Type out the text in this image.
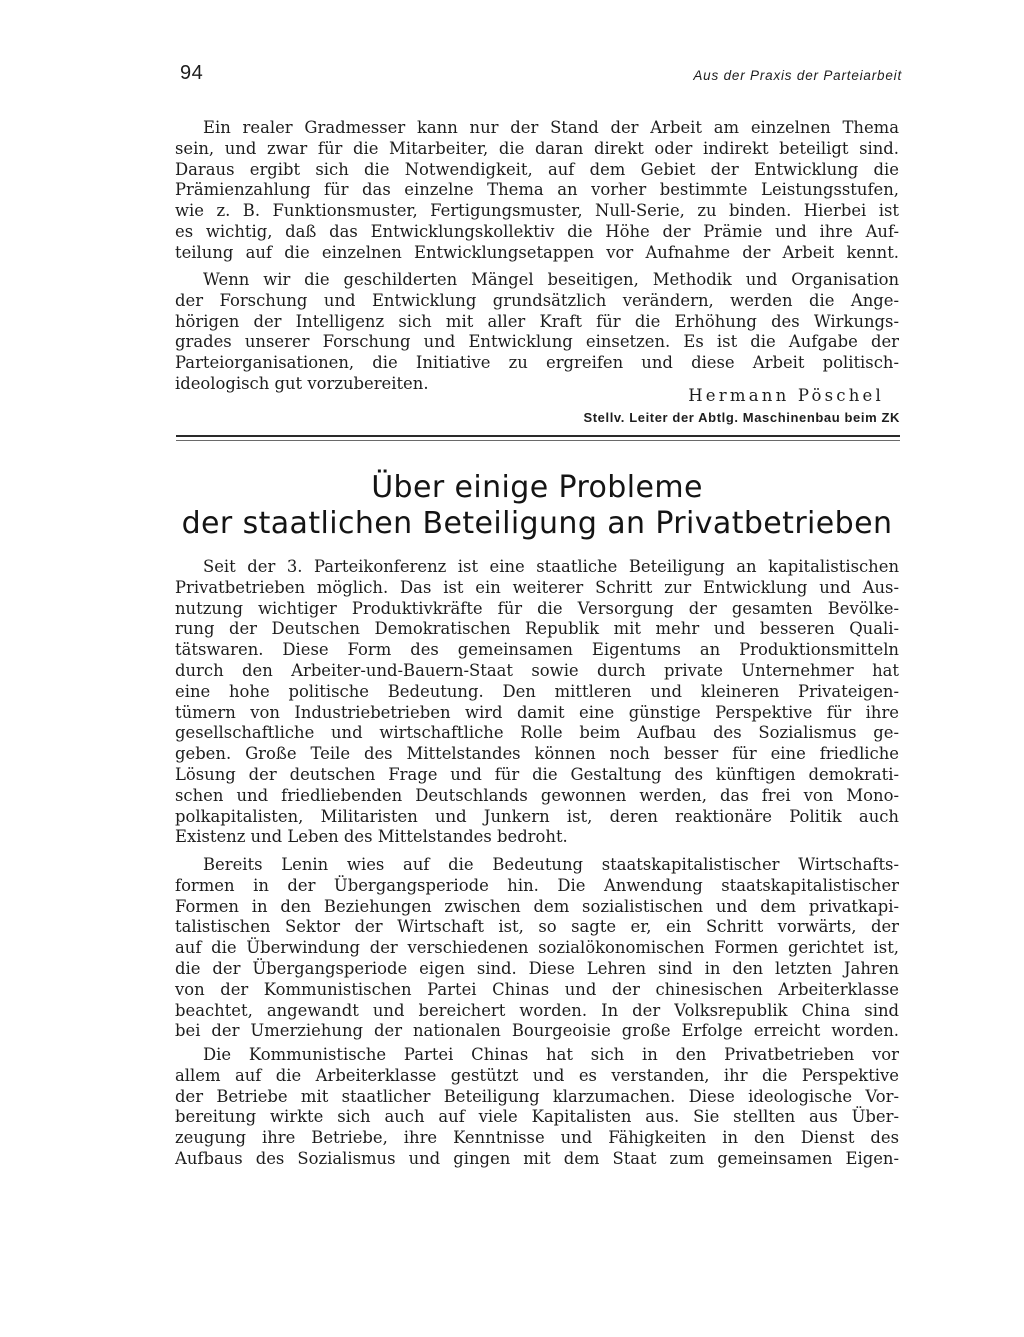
94	Aus der Praxis der Parteiarbeit
Ein realer Gradmesser kann nur der Stand der Arbeit am einzelnen Thema
sein, und zwar für die Mitarbeiter, die daran direkt oder indirekt beteiligt sind.
Daraus ergibt sich die Notwendigkeit, auf dem Gebiet der Entwicklung die
Prämienzahlung für das einzelne Thema an vorher bestimmte Leistungsstufen,
wie z. B. Funktionsmuster, Fertigungsmuster, Null-Serie, zu binden. Hierbei ist
es wichtig, daß das Entwicklungskollektiv die Höhe der Prämie und ihre Auf-
teilung auf die einzelnen Entwicklungsetappen vor Aufnahme der Arbeit kennt.
Wenn wir die geschilderten Mängel beseitigen, Methodik und Organisation
der Forschung und Entwicklung grundsätzlich verändern, werden die Ange-
hörigen der Intelligenz sich mit aller Kraft für die Erhöhung des Wirkungs-
grades unserer Forschung und Entwicklung einsetzen. Es ist die Aufgabe der
Parteiorganisationen, die Initiative zu ergreifen und diese Arbeit politisch-
ideologisch gut vorzubereiten.
Hermann Pöschel
Stellv. Leiter der Abtlg. Maschinenbau beim ZK
Über einige Probleme
der staatlichen Beteiligung an Privatbetrieben
Seit der 3. Parteikonferenz ist eine staatliche Beteiligung an kapitalistischen
Privatbetrieben möglich. Das ist ein weiterer Schritt zur Entwicklung und Aus-
nutzung wichtiger Produktivkräfte für die Versorgung der gesamten Bevölke-
rung der Deutschen Demokratischen Republik mit mehr und besseren Quali-
tätswaren. Diese Form des gemeinsamen Eigentums an Produktionsmitteln
durch den Arbeiter-und-Bauern-Staat sowie durch private Unternehmer hat
eine hohe politische Bedeutung. Den mittleren und kleineren Privateigen-
tümern von Industriebetrieben wird damit eine günstige Perspektive für ihre
gesellschaftliche und wirtschaftliche Rolle beim Aufbau des Sozialismus ge-
geben. Große Teile des Mittelstandes können noch besser für eine friedliche
Lösung der deutschen Frage und für die Gestaltung des künftigen demokrati-
schen und friedliebenden Deutschlands gewonnen werden, das frei von Mono-
polkapitalisten, Militaristen und Junkern ist, deren reaktionäre Politik auch
Existenz und Leben des Mittelstandes bedroht.
Bereits Lenin wies auf die Bedeutung staatskapitalistischer Wirtschafts-
formen in der Übergangsperiode hin. Die Anwendung staatskapitalistischer
Formen in den Beziehungen zwischen dem sozialistischen und dem privatkapi-
talistischen Sektor der Wirtschaft ist, so sagte er, ein Schritt vorwärts, der
auf die Überwindung der verschiedenen sozialökonomischen Formen gerichtet ist,
die der Übergangsperiode eigen sind. Diese Lehren sind in den letzten Jahren
von der Kommunistischen Partei Chinas und der chinesischen Arbeiterklasse
beachtet, angewandt und bereichert worden. In der Volksrepublik China sind
bei der Umerziehung der nationalen Bourgeoisie große Erfolge erreicht worden.
Die Kommunistische Partei Chinas hat sich in den Privatbetrieben vor
allem auf die Arbeiterklasse gestützt und es verstanden, ihr die Perspektive
der Betriebe mit staatlicher Beteiligung klarzumachen. Diese ideologische Vor-
bereitung wirkte sich auch auf viele Kapitalisten aus. Sie stellten aus Über-
zeugung ihre Betriebe, ihre Kenntnisse und Fähigkeiten in den Dienst des
Aufbaus des Sozialismus und gingen mit dem Staat zum gemeinsamen Eigen-
